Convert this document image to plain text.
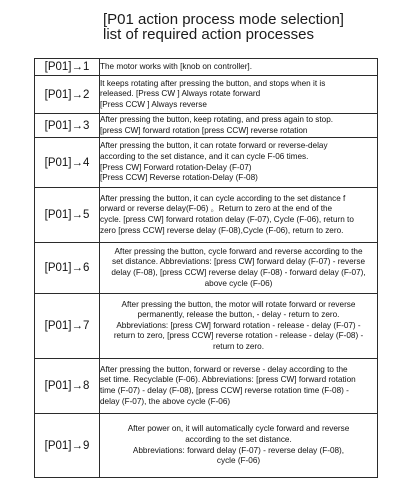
[P01 action process mode selection]
list of required action processes
[P01]→1	The motor works with [knob on controller].

[P01]→2	It keeps rotating after pressing the button, and stops when it is
released. [Press CW ] Always rotate forward
[Press CCW ] Always reverse

[P01]→3	After pressing the button, keep rotating, and press again to stop.
[press CW] forward rotation [press CCW] reverse rotation

[P01]→4	After pressing the button, it can rotate forward or reverse-delay
according to the set distance, and it can cycle F-06 times.
[Press CW] Forward rotation-Delay (F-07)
[Press CCW] Reverse rotation-Delay (F-08)

[P01]→5	After pressing the button, it can cycle according to the set distance f
orward or reverse delay(F-06) 。Return to zero at the end of the
cycle. [press CW] forward rotation delay (F-07), Cycle (F-06), return to
zero [press CCW] reverse delay (F-08),Cycle (F-06), return to zero.

[P01]→6	After pressing the button, cycle forward and reverse according to the
set distance. Abbreviations: [press CW] forward delay (F-07) - reverse
delay (F-08), [press CCW] reverse delay (F-08) - forward delay (F-07),
above cycle (F-06)

[P01]→7	After pressing the button, the motor will rotate forward or reverse
permanently, release the button, - delay - return to zero.
Abbreviations: [press CW] forward rotation - release - delay (F-07) -
return to zero, [press CCW] reverse rotation - release - delay (F-08) -
return to zero.

[P01]→8	After pressing the button, forward or reverse - delay according to the
set time. Recyclable (F-06). Abbreviations: [press CW] forward rotation
time (F-07) - delay (F-08), [press CCW] reverse rotation time (F-08) -
delay (F-07), the above cycle (F-06)

[P01]→9	After power on, it will automatically cycle forward and reverse
according to the set distance.
Abbreviations: forward delay (F-07) - reverse delay (F-08),
cycle (F-06)
